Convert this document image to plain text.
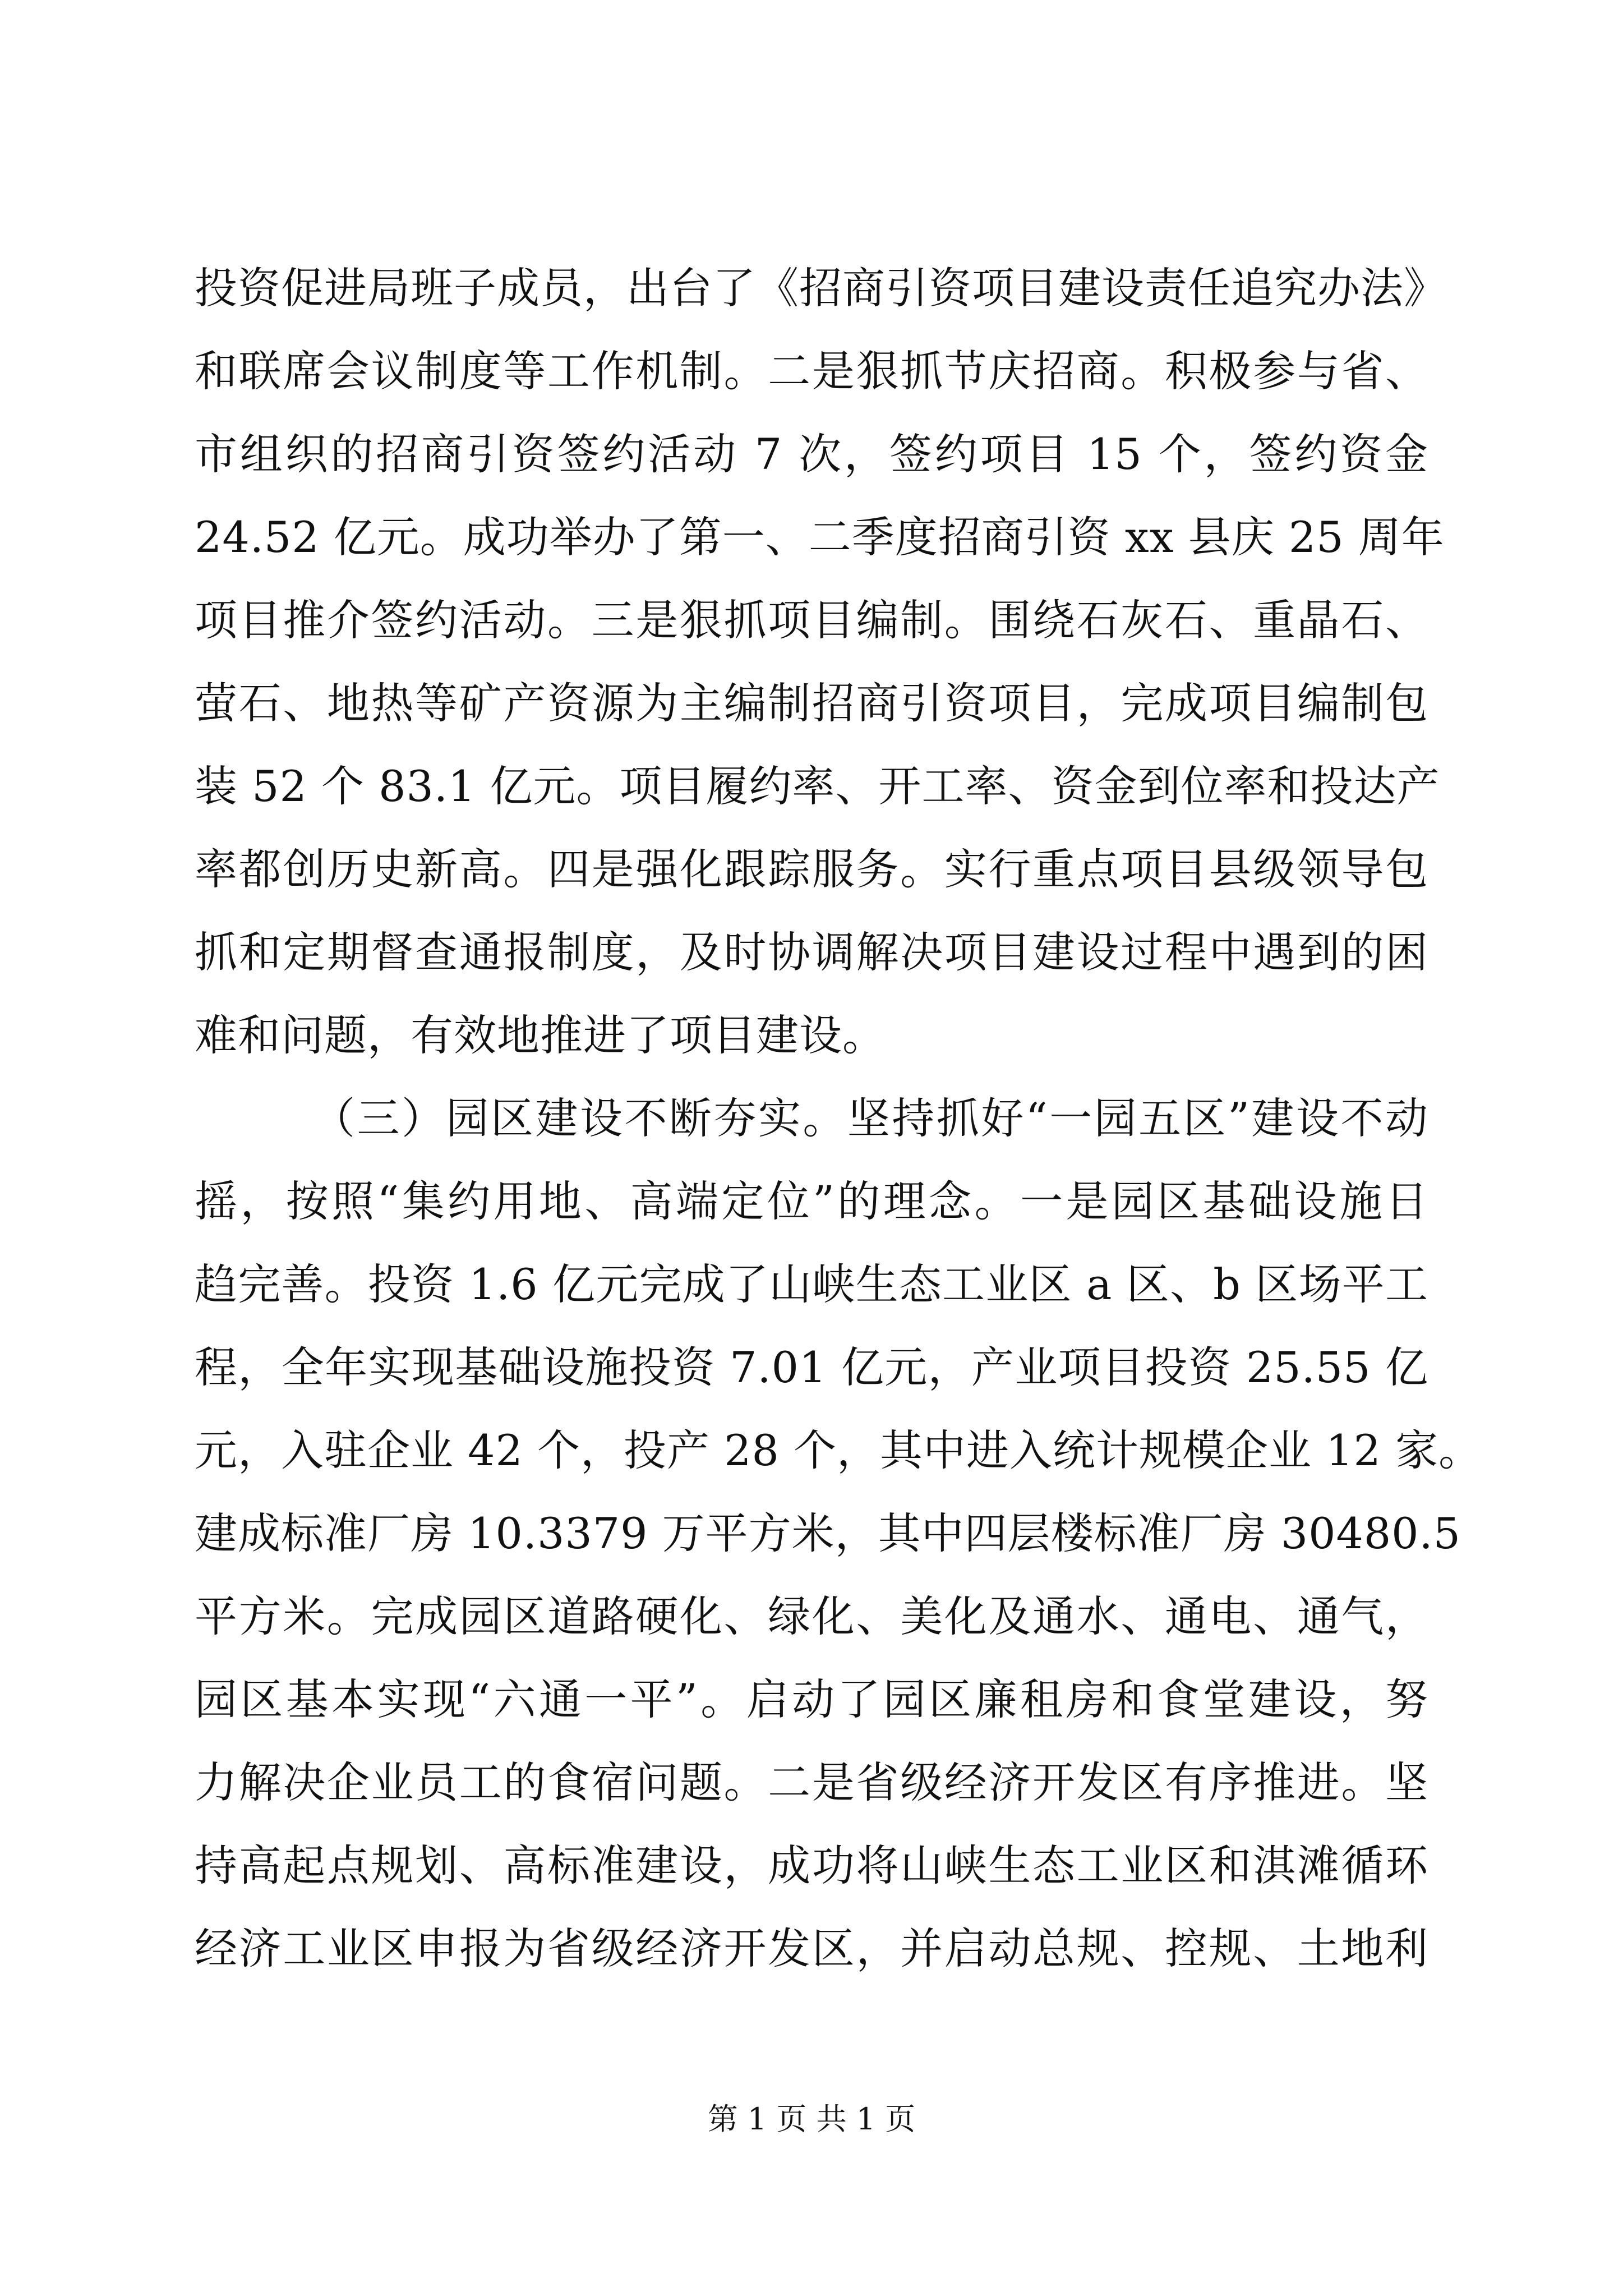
投资促进局班子成员，出台了《招商引资项目建设责任追究办法》
和联席会议制度等工作机制。二是狠抓节庆招商。积极参与省、
市组织的招商引资签约活动 7 次，签约项目 15 个，签约资金
24.52 亿元。成功举办了第一、二季度招商引资 xx 县庆 25 周年
项目推介签约活动。三是狠抓项目编制。围绕石灰石、重晶石、
萤石、地热等矿产资源为主编制招商引资项目，完成项目编制包
装 52 个 83.1 亿元。项目履约率、开工率、资金到位率和投达产
率都创历史新高。四是强化跟踪服务。实行重点项目县级领导包
抓和定期督查通报制度，及时协调解决项目建设过程中遇到的困
难和问题，有效地推进了项目建设。
（三）园区建设不断夯实。坚持抓好“一园五区”建设不动
摇，按照“集约用地、高端定位”的理念。一是园区基础设施日
趋完善。投资 1.6 亿元完成了山峡生态工业区 a 区、b 区场平工
程，全年实现基础设施投资 7.01 亿元，产业项目投资 25.55 亿
元，入驻企业 42 个，投产 28 个，其中进入统计规模企业 12 家。
建成标准厂房 10.3379 万平方米，其中四层楼标准厂房 30480.5
平方米。完成园区道路硬化、绿化、美化及通水、通电、通气，
园区基本实现“六通一平”。启动了园区廉租房和食堂建设，努
力解决企业员工的食宿问题。二是省级经济开发区有序推进。坚
持高起点规划、高标准建设，成功将山峡生态工业区和淇滩循环
经济工业区申报为省级经济开发区，并启动总规、控规、土地利
第 1 页 共 1 页
